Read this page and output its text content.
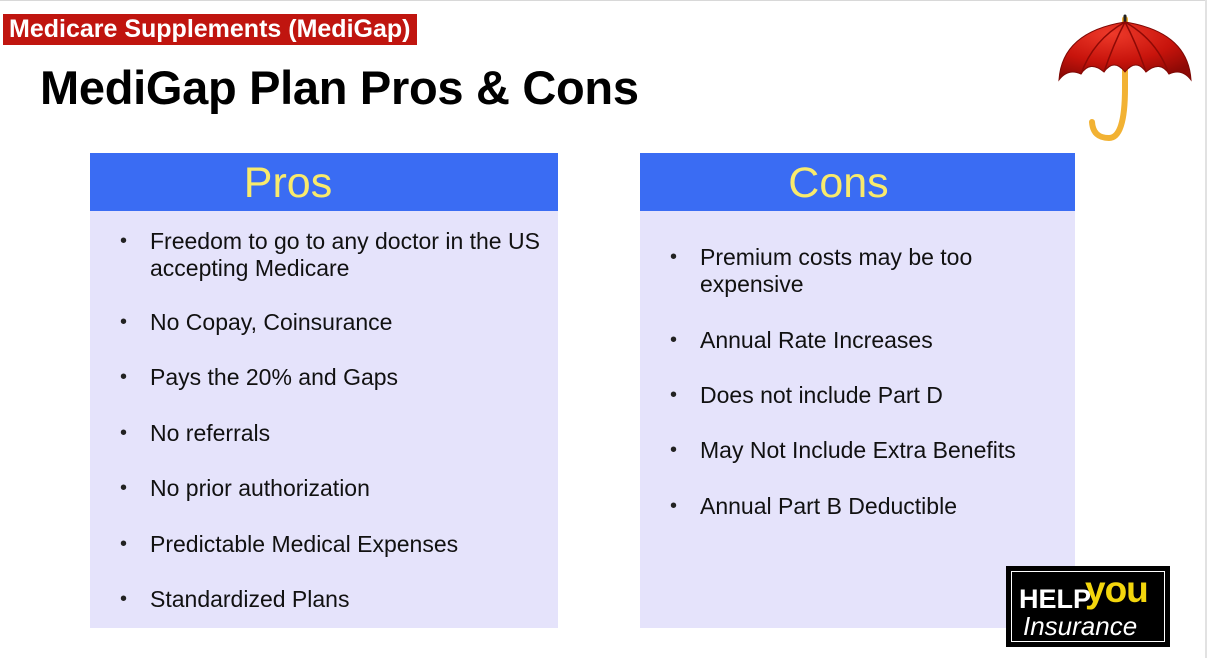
Medicare Supplements (MediGap)
MediGap Plan Pros & Cons
Pros
• Freedom to go to any doctor in the US accepting Medicare
• No Copay, Coinsurance
• Pays the 20% and Gaps
• No referrals
• No prior authorization
• Predictable Medical Expenses
• Standardized Plans
Cons
• Premium costs may be too expensive
• Annual Rate Increases
• Does not include Part D
• May Not Include Extra Benefits
• Annual Part B Deductible
HELP
you
Insurance
